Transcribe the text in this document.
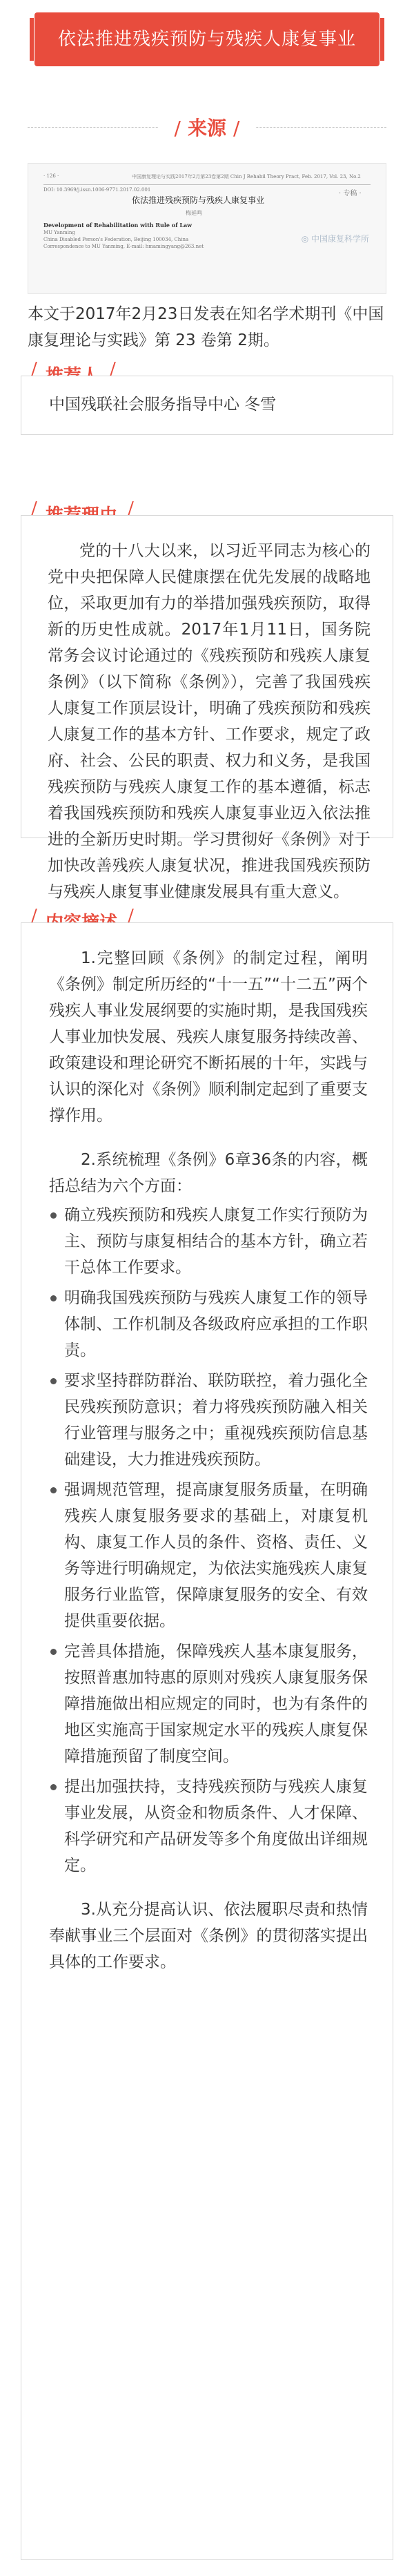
依法推进残疾预防与残疾人康复事业
/ 来源 /
· 126 ·	中国康复理论与实践2017年2月第23卷第2期 Chin J Rehabil Theory Pract, Feb. 2017, Vol. 23, No.2
DOI: 10.3969/j.issn.1006-9771.2017.02.001	· 专稿 ·
依法推进残疾预防与残疾人康复事业
梅延鸣
Development of Rehabilitation with Rule of Law
MU Yanming
China Disabled Person's Federation, Beijing 100034, China
Correspondence to MU Yanming, E-mail: hmamingyang@263.net
◎ 中国康复科学所
本文于2017年2月23日发表在知名学术期刊《中国康复理论与实践》第 23 卷第 2期。
中国残联社会服务指导中心 冬雪

党的十八大以来，以习近平同志为核心的党中央把保障人民健康摆在优先发展的战略地位，采取更加有力的举措加强残疾预防，取得新的历史性成就。2017年1月11日，国务院常务会议讨论通过的《残疾预防和残疾人康复条例》（以下简称《条例》），完善了我国残疾人康复工作顶层设计，明确了残疾预防和残疾人康复工作的基本方针、工作要求，规定了政府、社会、公民的职责、权力和义务，是我国残疾预防与残疾人康复工作的基本遵循，标志着我国残疾预防和残疾人康复事业迈入依法推进的全新历史时期。学习贯彻好《条例》对于加快改善残疾人康复状况，推进我国残疾预防与残疾人康复事业健康发展具有重大意义。

1.完整回顾《条例》的制定过程，阐明《条例》制定所历经的“十一五”“十二五”两个残疾人事业发展纲要的实施时期，是我国残疾人事业加快发展、残疾人康复服务持续改善、政策建设和理论研究不断拓展的十年，实践与认识的深化对《条例》顺利制定起到了重要支撑作用。

2.系统梳理《条例》6章36条的内容，概括总结为六个方面：

确立残疾预防和残疾人康复工作实行预防为主、预防与康复相结合的基本方针，确立若干总体工作要求。
明确我国残疾预防与残疾人康复工作的领导体制、工作机制及各级政府应承担的工作职责。
要求坚持群防群治、联防联控，着力强化全民残疾预防意识；着力将残疾预防融入相关行业管理与服务之中；重视残疾预防信息基础建设，大力推进残疾预防。
强调规范管理，提高康复服务质量，在明确残疾人康复服务要求的基础上，对康复机构、康复工作人员的条件、资格、责任、义务等进行明确规定，为依法实施残疾人康复服务行业监管，保障康复服务的安全、有效提供重要依据。
完善具体措施，保障残疾人基本康复服务，按照普惠加特惠的原则对残疾人康复服务保障措施做出相应规定的同时，也为有条件的地区实施高于国家规定水平的残疾人康复保障措施预留了制度空间。
提出加强扶持，支持残疾预防与残疾人康复事业发展，从资金和物质条件、人才保障、科学研究和产品研发等多个角度做出详细规定。

3.从充分提高认识、依法履职尽责和热情奉献事业三个层面对《条例》的贯彻落实提出具体的工作要求。
